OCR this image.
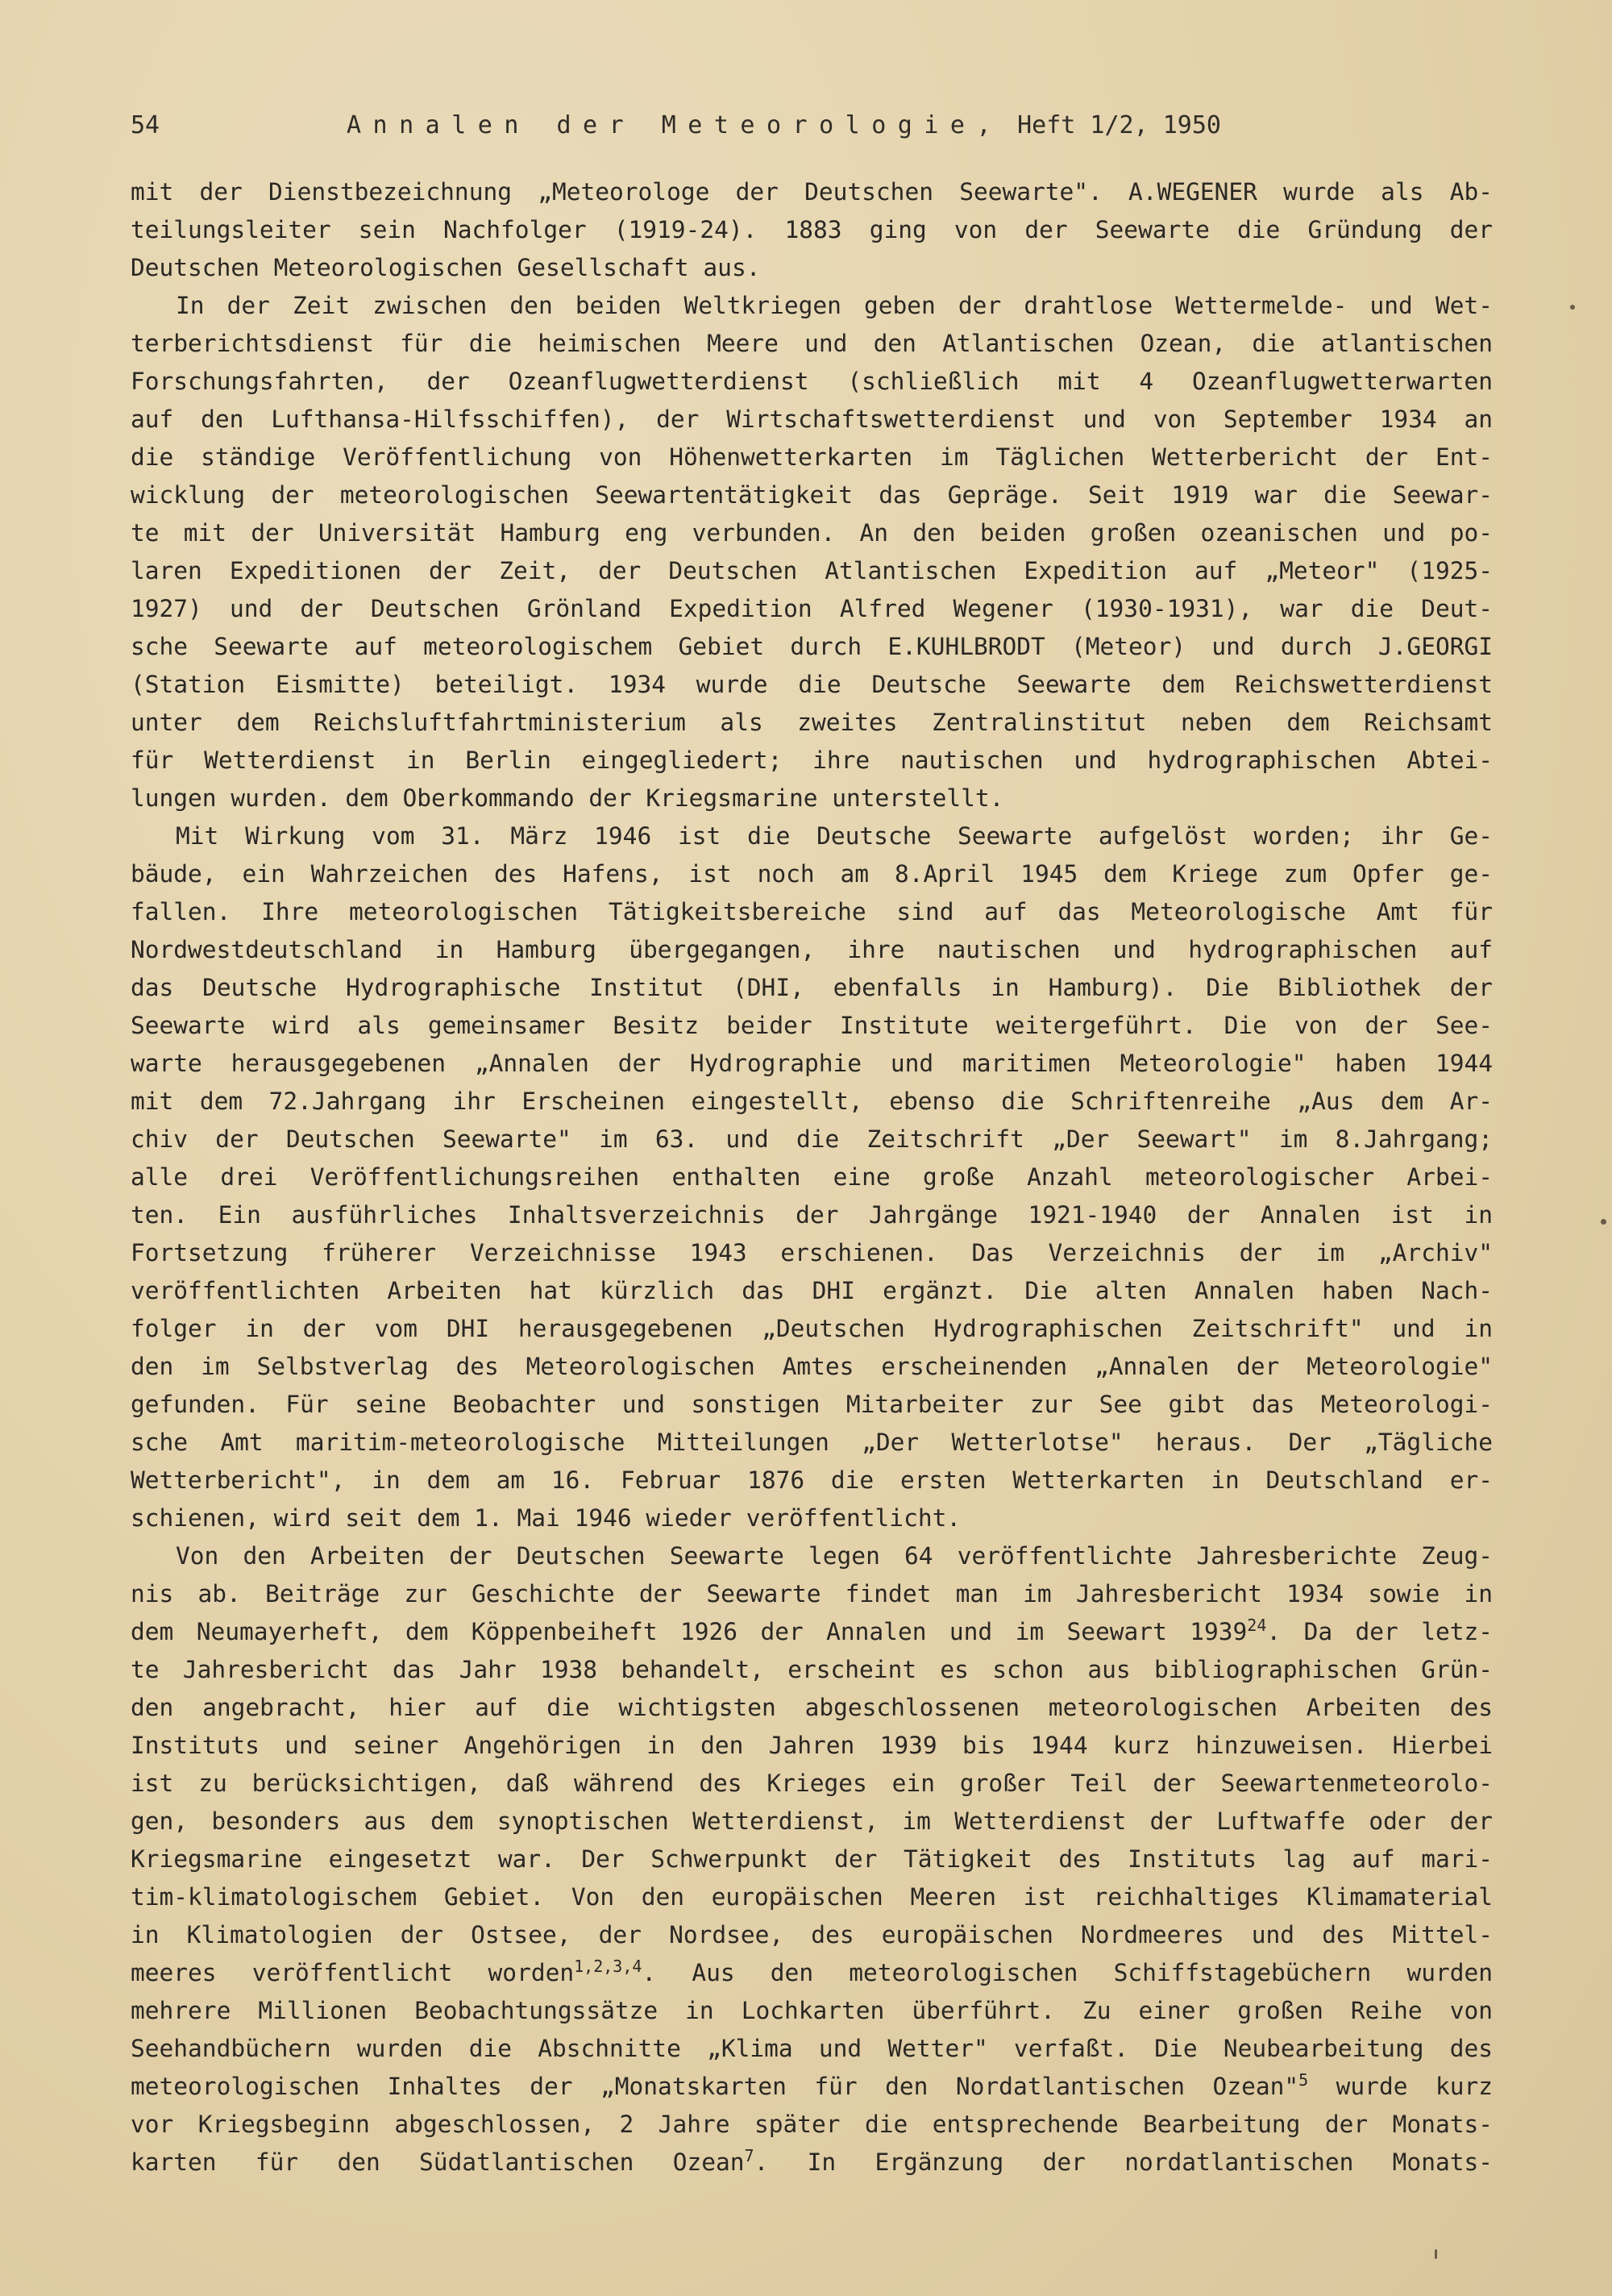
54	Annalen der Meteorologie, Heft 1/2, 1950
mit der Dienstbezeichnung „Meteorologe der Deutschen Seewarte". A.WEGENER wurde als Ab-
teilungsleiter sein Nachfolger (1919-24). 1883 ging von der Seewarte die Gründung der
Deutschen Meteorologischen Gesellschaft aus.
In der Zeit zwischen den beiden Weltkriegen geben der drahtlose Wettermelde- und Wet-
terberichtsdienst für die heimischen Meere und den Atlantischen Ozean, die atlantischen
Forschungsfahrten, der Ozeanflugwetterdienst (schließlich mit 4 Ozeanflugwetterwarten
auf den Lufthansa-Hilfsschiffen), der Wirtschaftswetterdienst und von September 1934 an
die ständige Veröffentlichung von Höhenwetterkarten im Täglichen Wetterbericht der Ent-
wicklung der meteorologischen Seewartentätigkeit das Gepräge. Seit 1919 war die Seewar-
te mit der Universität Hamburg eng verbunden. An den beiden großen ozeanischen und po-
laren Expeditionen der Zeit, der Deutschen Atlantischen Expedition auf „Meteor" (1925-
1927) und der Deutschen Grönland Expedition Alfred Wegener (1930-1931), war die Deut-
sche Seewarte auf meteorologischem Gebiet durch E.KUHLBRODT (Meteor) und durch J.GEORGI
(Station Eismitte) beteiligt. 1934 wurde die Deutsche Seewarte dem Reichswetterdienst
unter dem Reichsluftfahrtministerium als zweites Zentralinstitut neben dem Reichsamt
für Wetterdienst in Berlin eingegliedert; ihre nautischen und hydrographischen Abtei-
lungen wurden. dem Oberkommando der Kriegsmarine unterstellt.
Mit Wirkung vom 31. März 1946 ist die Deutsche Seewarte aufgelöst worden; ihr Ge-
bäude, ein Wahrzeichen des Hafens, ist noch am 8.April 1945 dem Kriege zum Opfer ge-
fallen. Ihre meteorologischen Tätigkeitsbereiche sind auf das Meteorologische Amt für
Nordwestdeutschland in Hamburg übergegangen, ihre nautischen und hydrographischen auf
das Deutsche Hydrographische Institut (DHI, ebenfalls in Hamburg). Die Bibliothek der
Seewarte wird als gemeinsamer Besitz beider Institute weitergeführt. Die von der See-
warte herausgegebenen „Annalen der Hydrographie und maritimen Meteorologie" haben 1944
mit dem 72.Jahrgang ihr Erscheinen eingestellt, ebenso die Schriftenreihe „Aus dem Ar-
chiv der Deutschen Seewarte" im 63. und die Zeitschrift „Der Seewart" im 8.Jahrgang;
alle drei Veröffentlichungsreihen enthalten eine große Anzahl meteorologischer Arbei-
ten. Ein ausführliches Inhaltsverzeichnis der Jahrgänge 1921-1940 der Annalen ist in
Fortsetzung früherer Verzeichnisse 1943 erschienen. Das Verzeichnis der im „Archiv"
veröffentlichten Arbeiten hat kürzlich das DHI ergänzt. Die alten Annalen haben Nach-
folger in der vom DHI herausgegebenen „Deutschen Hydrographischen Zeitschrift" und in
den im Selbstverlag des Meteorologischen Amtes erscheinenden „Annalen der Meteorologie"
gefunden. Für seine Beobachter und sonstigen Mitarbeiter zur See gibt das Meteorologi-
sche Amt maritim-meteorologische Mitteilungen „Der Wetterlotse" heraus. Der „Tägliche
Wetterbericht", in dem am 16. Februar 1876 die ersten Wetterkarten in Deutschland er-
schienen, wird seit dem 1. Mai 1946 wieder veröffentlicht.
Von den Arbeiten der Deutschen Seewarte legen 64 veröffentlichte Jahresberichte Zeug-
nis ab. Beiträge zur Geschichte der Seewarte findet man im Jahresbericht 1934 sowie in
dem Neumayerheft, dem Köppenbeiheft 1926 der Annalen und im Seewart 1939$^{24}$. Da der letz-
te Jahresbericht das Jahr 1938 behandelt, erscheint es schon aus bibliographischen Grün-
den angebracht, hier auf die wichtigsten abgeschlossenen meteorologischen Arbeiten des
Instituts und seiner Angehörigen in den Jahren 1939 bis 1944 kurz hinzuweisen. Hierbei
ist zu berücksichtigen, daß während des Krieges ein großer Teil der Seewartenmeteorolo-
gen, besonders aus dem synoptischen Wetterdienst, im Wetterdienst der Luftwaffe oder der
Kriegsmarine eingesetzt war. Der Schwerpunkt der Tätigkeit des Instituts lag auf mari-
tim-klimatologischem Gebiet. Von den europäischen Meeren ist reichhaltiges Klimamaterial
in Klimatologien der Ostsee, der Nordsee, des europäischen Nordmeeres und des Mittel-
meeres veröffentlicht worden$^{1,2,3,4}$. Aus den meteorologischen Schiffstagebüchern wurden
mehrere Millionen Beobachtungssätze in Lochkarten überführt. Zu einer großen Reihe von
Seehandbüchern wurden die Abschnitte „Klima und Wetter" verfaßt. Die Neubearbeitung des
meteorologischen Inhaltes der „Monatskarten für den Nordatlantischen Ozean"$^5$ wurde kurz
vor Kriegsbeginn abgeschlossen, 2 Jahre später die entsprechende Bearbeitung der Monats-
karten für den Südatlantischen Ozean$^7$. In Ergänzung der nordatlantischen Monats-
